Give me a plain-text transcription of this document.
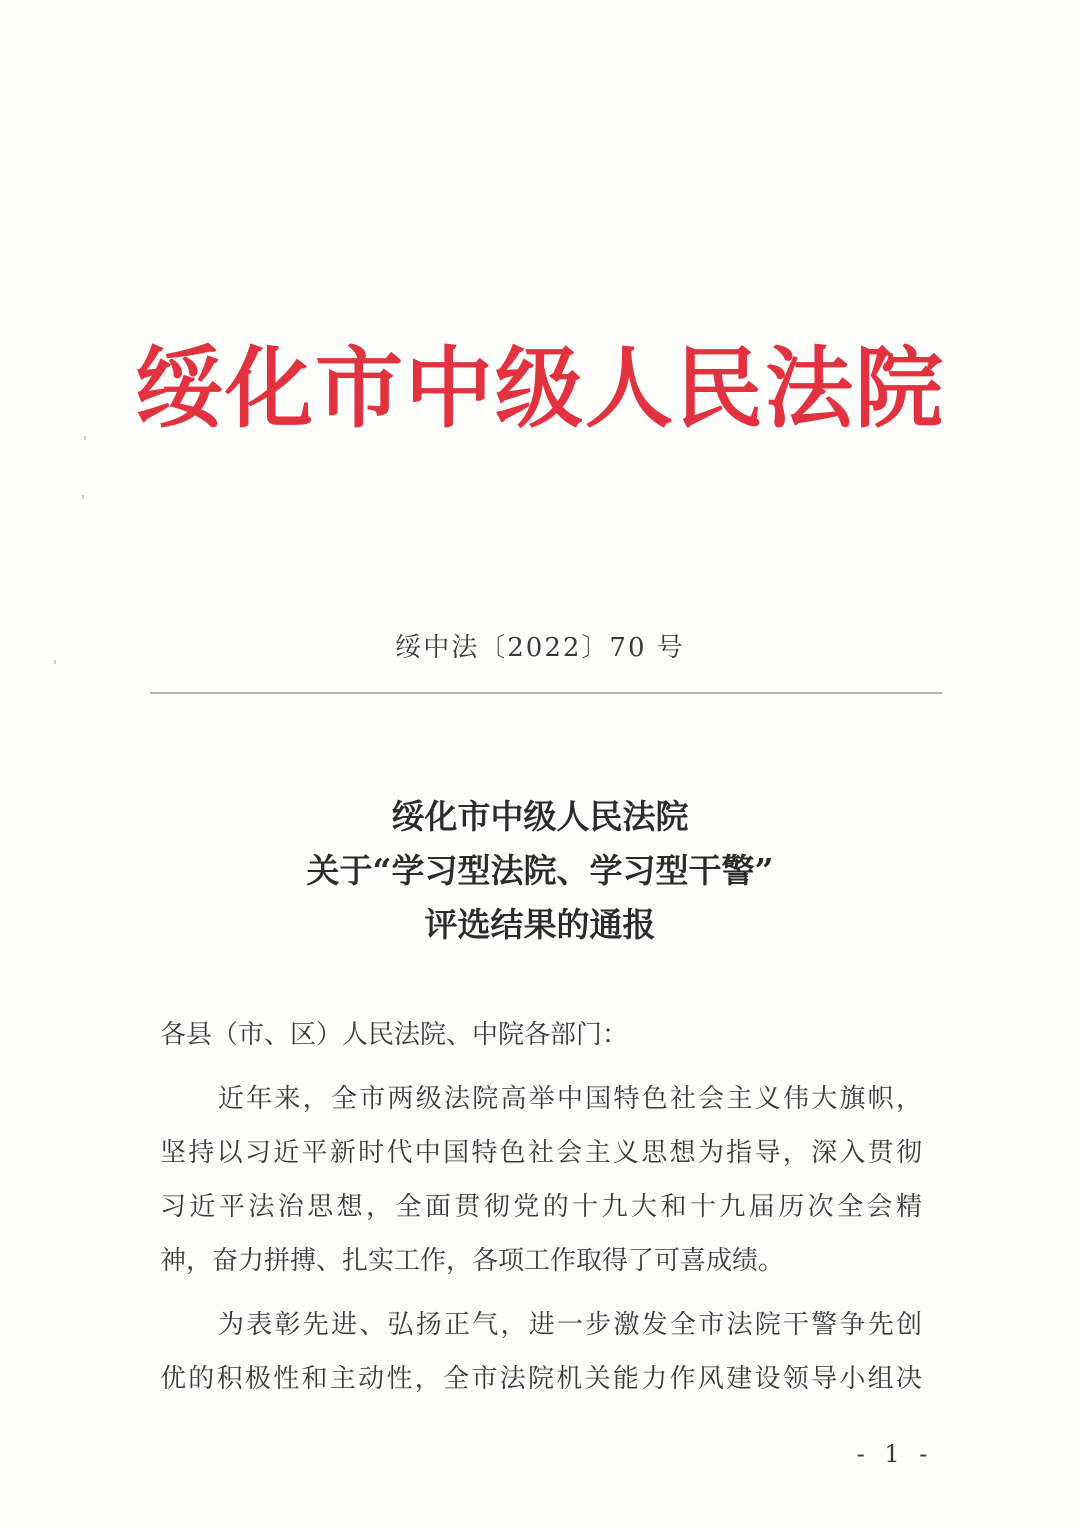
绥化市中级人民法院
绥中法〔2022〕70 号
绥化市中级人民法院
关于“学习型法院、学习型干警”
评选结果的通报
各县（市、区）人民法院、中院各部门：
近年来，全市两级法院高举中国特色社会主义伟大旗帜，
坚持以习近平新时代中国特色社会主义思想为指导，深入贯彻
习近平法治思想，全面贯彻党的十九大和十九届历次全会精
神，奋力拼搏、扎实工作，各项工作取得了可喜成绩。
为表彰先进、弘扬正气，进一步激发全市法院干警争先创
优的积极性和主动性，全市法院机关能力作风建设领导小组决
- 1 -
